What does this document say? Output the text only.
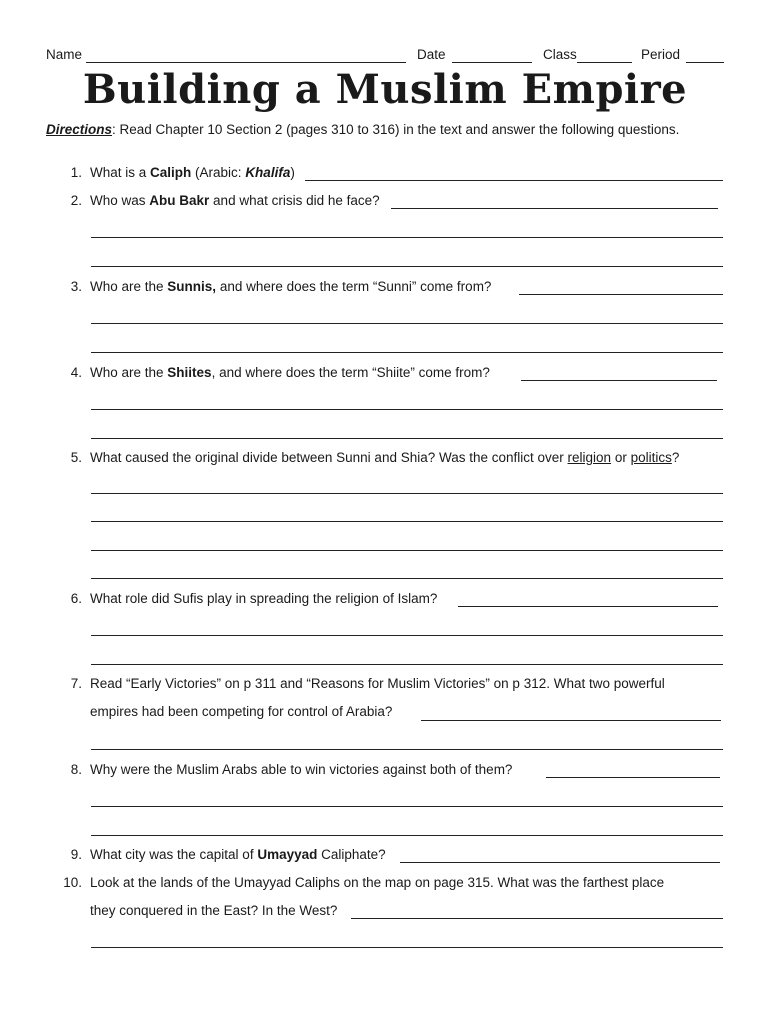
Name	Date	Class	Period
Building a Muslim Empire
Directions: Read Chapter 10 Section 2 (pages 310 to 316) in the text and answer the following questions.
1. What is a Caliph (Arabic: Khalifa)
2. Who was Abu Bakr and what crisis did he face?
3. Who are the Sunnis, and where does the term “Sunni” come from?
4. Who are the Shiites, and where does the term “Shiite” come from?
5. What caused the original divide between Sunni and Shia? Was the conflict over religion or politics?
6. What role did Sufis play in spreading the religion of Islam?
7. Read “Early Victories” on p 311 and “Reasons for Muslim Victories” on p 312. What two powerful
empires had been competing for control of Arabia?
8. Why were the Muslim Arabs able to win victories against both of them?
9. What city was the capital of Umayyad Caliphate?
10. Look at the lands of the Umayyad Caliphs on the map on page 315. What was the farthest place
they conquered in the East? In the West?
